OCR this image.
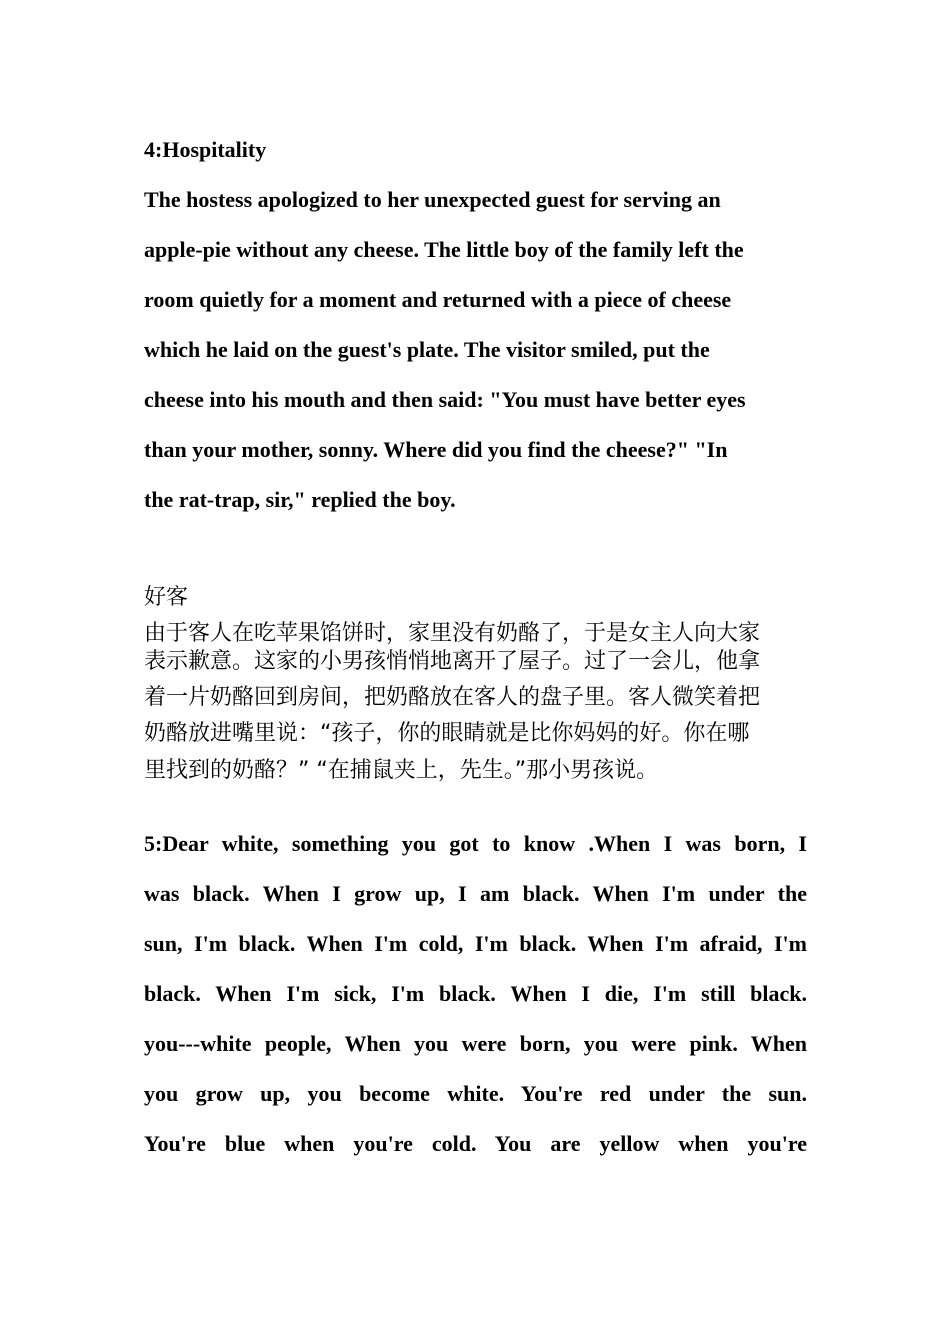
4:Hospitality
The hostess apologized to her unexpected guest for serving an
apple-pie without any cheese. The little boy of the family left the
room quietly for a moment and returned with a piece of cheese
which he laid on the guest's plate. The visitor smiled, put the
cheese into his mouth and then said: "You must have better eyes
than your mother, sonny. Where did you find the cheese?" "In
the rat-trap, sir," replied the boy.
好客
由于客人在吃苹果馅饼时，家里没有奶酪了，于是女主人向大家
表示歉意。这家的小男孩悄悄地离开了屋子。过了一会儿，他拿
着一片奶酪回到房间，把奶酪放在客人的盘子里。客人微笑着把
奶酪放进嘴里说：“孩子，你的眼睛就是比你妈妈的好。你在哪
里找到的奶酪？” “在捕鼠夹上，先生。”那小男孩说。
5:Dear white, something you got to know .When I was born, I
was black. When I grow up, I am black. When I'm under the
sun, I'm black. When I'm cold, I'm black. When I'm afraid, I'm
black. When I'm sick, I'm black. When I die, I'm still black.
you---white people, When you were born, you were pink. When
you grow up, you become white. You're red under the sun.
You're blue when you're cold. You are yellow when you're
